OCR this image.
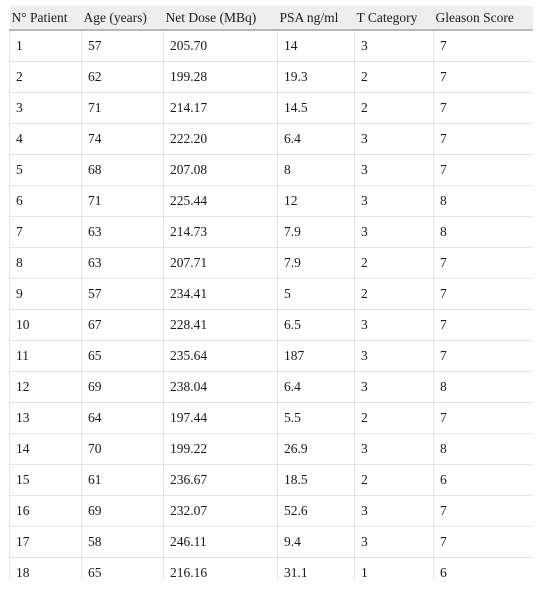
N° Patient	Age (years)	Net Dose (MBq)	PSA ng/ml	T Category	Gleason Score
1	57	205.70	14	3	7
2	62	199.28	19.3	2	7
3	71	214.17	14.5	2	7
4	74	222.20	6.4	3	7
5	68	207.08	8	3	7
6	71	225.44	12	3	8
7	63	214.73	7.9	3	8
8	63	207.71	7.9	2	7
9	57	234.41	5	2	7
10	67	228.41	6.5	3	7
11	65	235.64	187	3	7
12	69	238.04	6.4	3	8
13	64	197.44	5.5	2	7
14	70	199.22	26.9	3	8
15	61	236.67	18.5	2	6
16	69	232.07	52.6	3	7
17	58	246.11	9.4	3	7
18	65	216.16	31.1	1	6
